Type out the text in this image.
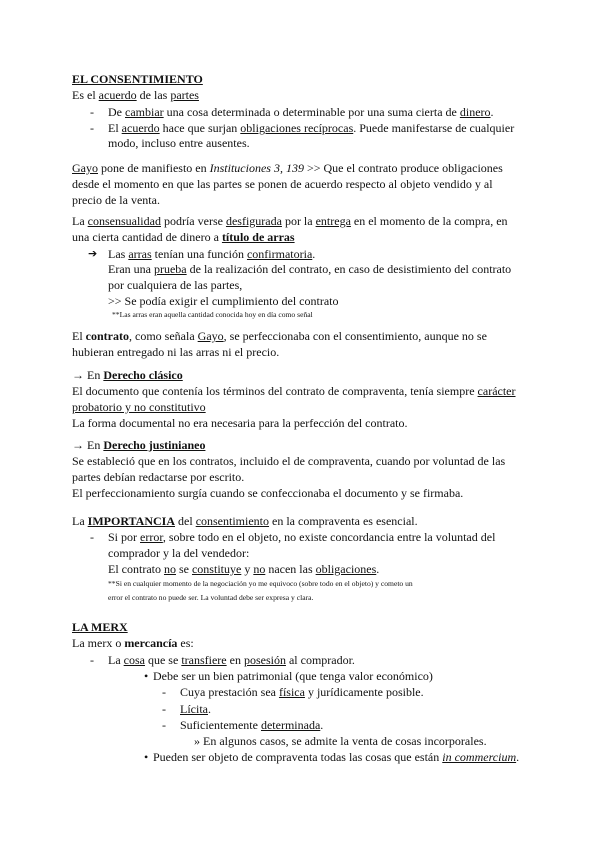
EL CONSENTIMIENTO
Es el acuerdo de las partes
- De cambiar una cosa determinada o determinable por una suma cierta de dinero.
- El acuerdo hace que surjan obligaciones recíprocas. Puede manifestarse de cualquier
modo, incluso entre ausentes.
Gayo pone de manifiesto en Instituciones 3, 139 >> Que el contrato produce obligaciones
desde el momento en que las partes se ponen de acuerdo respecto al objeto vendido y al
precio de la venta.
La consensualidad podría verse desfigurada por la entrega en el momento de la compra, en
una cierta cantidad de dinero a título de arras
➔ Las arras tenían una función confirmatoria.
Eran una prueba de la realización del contrato, en caso de desistimiento del contrato
por cualquiera de las partes,
>> Se podía exigir el cumplimiento del contrato
**Las arras eran aquella cantidad conocida hoy en día como señal
El contrato, como señala Gayo, se perfeccionaba con el consentimiento, aunque no se
hubieran entregado ni las arras ni el precio.
→ En Derecho clásico
El documento que contenía los términos del contrato de compraventa, tenía siempre carácter
probatorio y no constitutivo
La forma documental no era necesaria para la perfección del contrato.
→ En Derecho justinianeo
Se estableció que en los contratos, incluido el de compraventa, cuando por voluntad de las
partes debían redactarse por escrito.
El perfeccionamiento surgía cuando se confeccionaba el documento y se firmaba.
La IMPORTANCIA del consentimiento en la compraventa es esencial.
- Si por error, sobre todo en el objeto, no existe concordancia entre la voluntad del
comprador y la del vendedor:
El contrato no se constituye y no nacen las obligaciones.
**Si en cualquier momento de la negociación yo me equivoco (sobre todo en el objeto) y cometo un
error el contrato no puede ser. La voluntad debe ser expresa y clara.
LA MERX
La merx o mercancía es:
- La cosa que se transfiere en posesión al comprador.
• Debe ser un bien patrimonial (que tenga valor económico)
- Cuya prestación sea física y jurídicamente posible.
- Lícita.
- Suficientemente determinada.
» En algunos casos, se admite la venta de cosas incorporales.
• Pueden ser objeto de compraventa todas las cosas que están in commercium.
